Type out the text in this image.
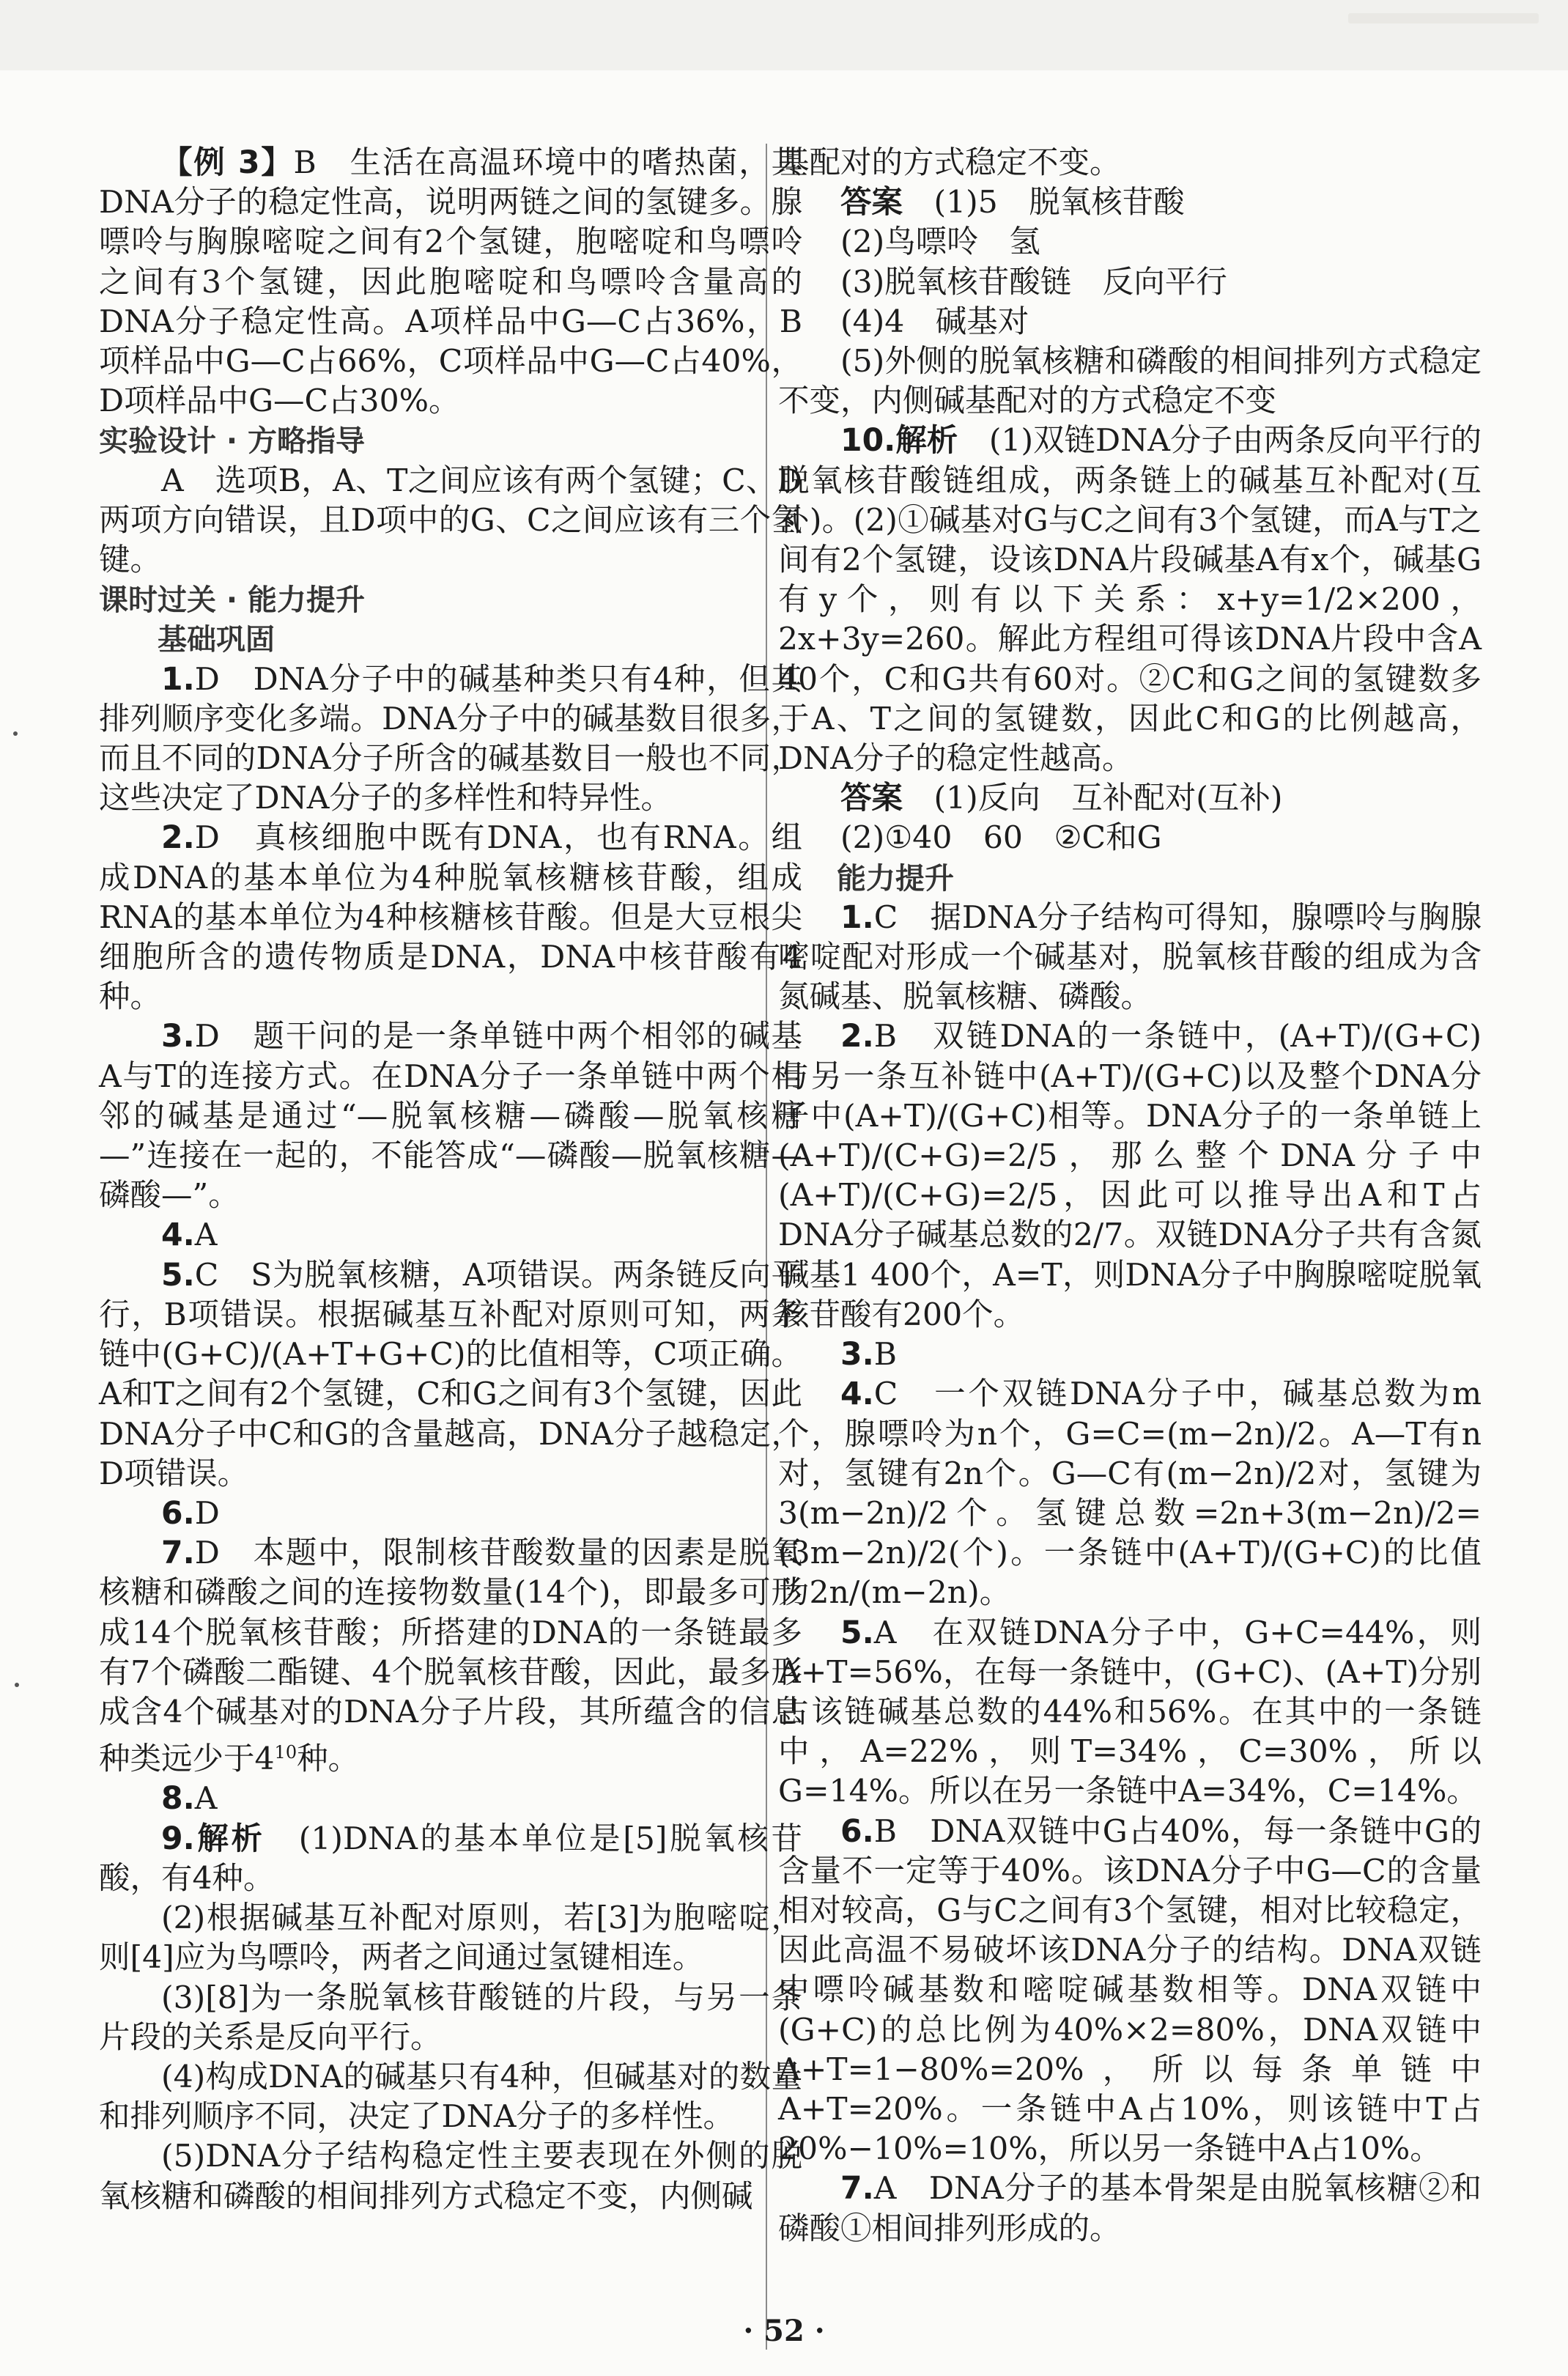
【例 3】B　生活在高温环境中的嗜热菌，其DNA分子的稳定性高，说明两链之间的氢键多。腺嘌呤与胸腺嘧啶之间有2个氢键，胞嘧啶和鸟嘌呤之间有3个氢键，因此胞嘧啶和鸟嘌呤含量高的DNA分子稳定性高。A项样品中G—C占36%，B项样品中G—C占66%，C项样品中G—C占40%，D项样品中G—C占30%。

实验设计 · 方略指导

A　选项B，A、T之间应该有两个氢键；C、D两项方向错误，且D项中的G、C之间应该有三个氢键。

课时过关 · 能力提升

基础巩固

1.D　DNA分子中的碱基种类只有4种，但其排列顺序变化多端。DNA分子中的碱基数目很多，而且不同的DNA分子所含的碱基数目一般也不同，这些决定了DNA分子的多样性和特异性。

2.D　真核细胞中既有DNA，也有RNA。组成DNA的基本单位为4种脱氧核糖核苷酸，组成RNA的基本单位为4种核糖核苷酸。但是大豆根尖细胞所含的遗传物质是DNA，DNA中核苷酸有4种。

3.D　题干问的是一条单链中两个相邻的碱基A与T的连接方式。在DNA分子一条单链中两个相邻的碱基是通过“—脱氧核糖—磷酸—脱氧核糖—”连接在一起的，不能答成“—磷酸—脱氧核糖—磷酸—”。

4.A

5.C　S为脱氧核糖，A项错误。两条链反向平行，B项错误。根据碱基互补配对原则可知，两条链中(G+C)/(A+T+G+C)的比值相等，C项正确。A和T之间有2个氢键，C和G之间有3个氢键，因此DNA分子中C和G的含量越高，DNA分子越稳定，D项错误。

6.D

7.D　本题中，限制核苷酸数量的因素是脱氧核糖和磷酸之间的连接物数量(14个)，即最多可形成14个脱氧核苷酸；所搭建的DNA的一条链最多有7个磷酸二酯键、4个脱氧核苷酸，因此，最多形成含4个碱基对的DNA分子片段，其所蕴含的信息种类远少于$4^{10}$种。

8.A

9.解析　 (1)DNA的基本单位是[5]脱氧核苷酸，有4种。

(2)根据碱基互补配对原则，若[3]为胞嘧啶，则[4]应为鸟嘌呤，两者之间通过氢键相连。

(3)[8]为一条脱氧核苷酸链的片段，与另一条片段的关系是反向平行。

(4)构成DNA的碱基只有4种，但碱基对的数量和排列顺序不同，决定了DNA分子的多样性。

(5)DNA分子结构稳定性主要表现在外侧的脱氧核糖和磷酸的相间排列方式稳定不变，内侧碱

基配对的方式稳定不变。

答案　 (1)5　脱氧核苷酸

(2)鸟嘌呤　氢

(3)脱氧核苷酸链　反向平行

(4)4　碱基对

(5)外侧的脱氧核糖和磷酸的相间排列方式稳定不变，内侧碱基配对的方式稳定不变

10.解析　 (1)双链DNA分子由两条反向平行的脱氧核苷酸链组成，两条链上的碱基互补配对(互补)。(2)①碱基对G与C之间有3个氢键，而A与T之间有2个氢键，设该DNA片段碱基A有x个，碱基G有y个，则有以下关系：x+y=1/2×200，2x+3y=260。解此方程组可得该DNA片段中含A 40个，C和G共有60对。②C和G之间的氢键数多于A、T之间的氢键数，因此C和G的比例越高，DNA分子的稳定性越高。

答案　 (1)反向　互补配对(互补)

(2)①40　60　②C和G

能力提升

1.C　据DNA分子结构可得知，腺嘌呤与胸腺嘧啶配对形成一个碱基对，脱氧核苷酸的组成为含氮碱基、脱氧核糖、磷酸。

2.B　双链DNA的一条链中，(A+T)/(G+C)与另一条互补链中(A+T)/(G+C)以及整个DNA分子中(A+T)/(G+C)相等。DNA分子的一条单链上(A+T)/(C+G)=2/5，那么整个DNA分子中(A+T)/(C+G)=2/5，因此可以推导出A和T占DNA分子碱基总数的2/7。双链DNA分子共有含氮碱基1 400个，A=T，则DNA分子中胸腺嘧啶脱氧核苷酸有200个。

3.B

4.C　一个双链DNA分子中，碱基总数为m个，腺嘌呤为n个，G=C=(m−2n)/2。A—T有n对，氢键有2n个。G—C有(m−2n)/2对，氢键为3(m−2n)/2个。氢键总数=2n+3(m−2n)/2=(3m−2n)/2(个)。一条链中(A+T)/(G+C)的比值为2n/(m−2n)。

5.A　在双链DNA分子中，G+C=44%，则A+T=56%，在每一条链中，(G+C)、(A+T)分别占该链碱基总数的44%和56%。在其中的一条链中，A=22%，则T=34%，C=30%，所以G=14%。所以在另一条链中A=34%，C=14%。

6.B　DNA双链中G占40%，每一条链中G的含量不一定等于40%。该DNA分子中G—C的含量相对较高，G与C之间有3个氢键，相对比较稳定，因此高温不易破坏该DNA分子的结构。DNA双链中嘌呤碱基数和嘧啶碱基数相等。DNA双链中(G+C)的总比例为40%×2=80%，DNA双链中A+T=1−80%=20%，所以每条单链中A+T=20%。一条链中A占10%，则该链中T占20%−10%=10%，所以另一条链中A占10%。

7.A　DNA分子的基本骨架是由脱氧核糖②和磷酸①相间排列形成的。

· 52 ·
